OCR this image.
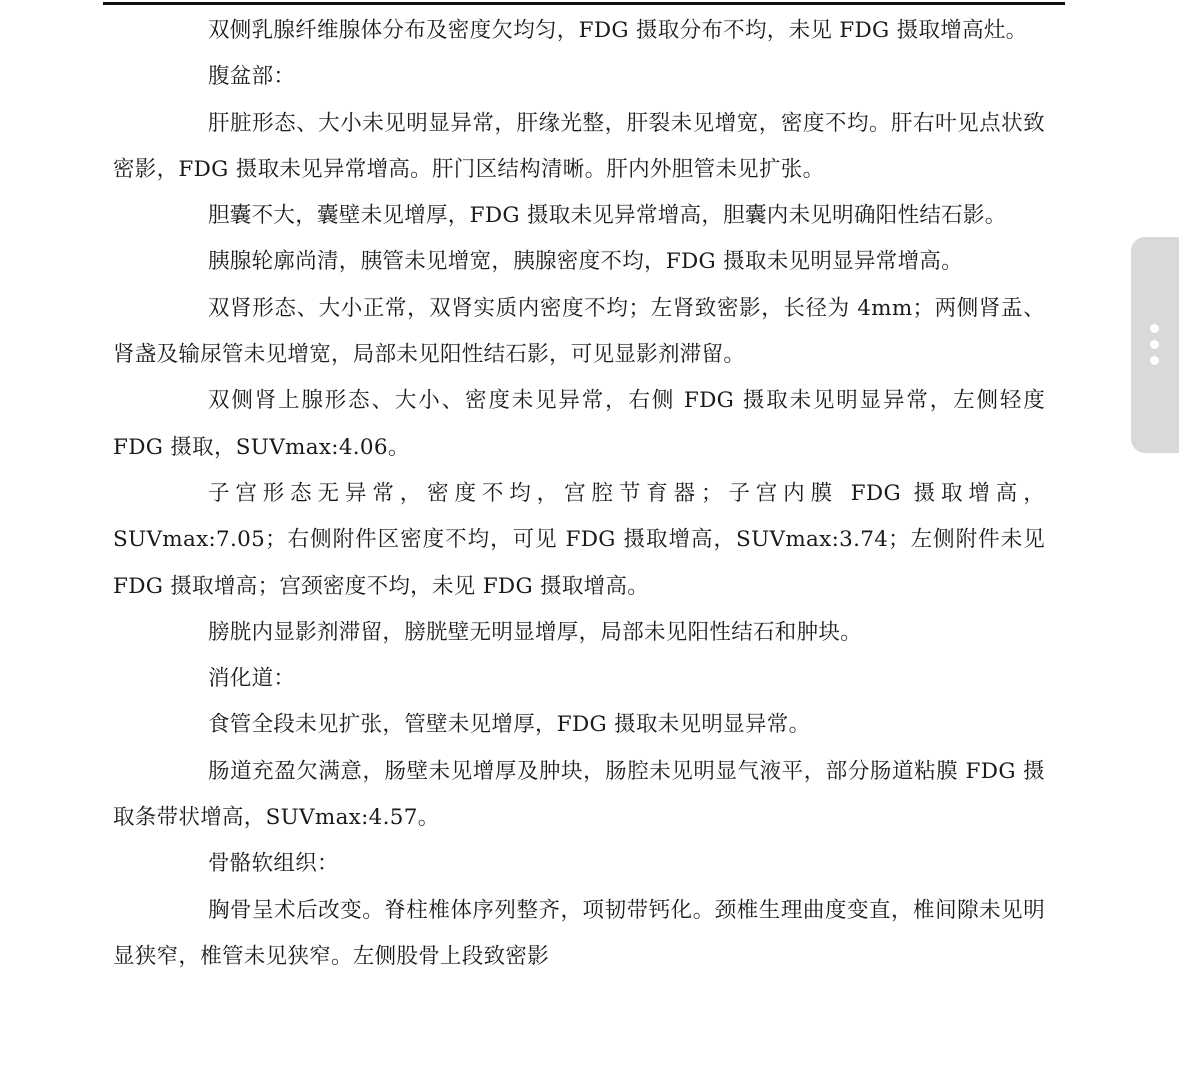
双侧乳腺纤维腺体分布及密度欠均匀，FDG 摄取分布不均，未见 FDG 摄取增高灶。

腹盆部：

肝脏形态、大小未见明显异常，肝缘光整，肝裂未见增宽，密度不均。肝右叶见点状致密影，FDG 摄取未见异常增高。肝门区结构清晰。肝内外胆管未见扩张。

胆囊不大，囊壁未见增厚，FDG 摄取未见异常增高，胆囊内未见明确阳性结石影。

胰腺轮廓尚清，胰管未见增宽，胰腺密度不均，FDG 摄取未见明显异常增高。

双肾形态、大小正常，双肾实质内密度不均；左肾致密影，长径为 4mm；两侧肾盂、肾盏及输尿管未见增宽，局部未见阳性结石影，可见显影剂滞留。

双侧肾上腺形态、大小、密度未见异常，右侧 FDG 摄取未见明显异常，左侧轻度 FDG 摄取，SUVmax:4.06。

子宫形态无异常，密度不均，宫腔节育器；子宫内膜 FDG 摄取增高，SUVmax:7.05；右侧附件区密度不均，可见 FDG 摄取增高，SUVmax:3.74；左侧附件未见 FDG 摄取增高；宫颈密度不均，未见 FDG 摄取增高。

膀胱内显影剂滞留，膀胱壁无明显增厚，局部未见阳性结石和肿块。

消化道：

食管全段未见扩张，管壁未见增厚，FDG 摄取未见明显异常。

肠道充盈欠满意，肠壁未见增厚及肿块，肠腔未见明显气液平，部分肠道粘膜 FDG 摄取条带状增高，SUVmax:4.57。

骨骼软组织：

胸骨呈术后改变。脊柱椎体序列整齐，项韧带钙化。颈椎生理曲度变直，椎间隙未见明显狭窄，椎管未见狭窄。左侧股骨上段致密影
